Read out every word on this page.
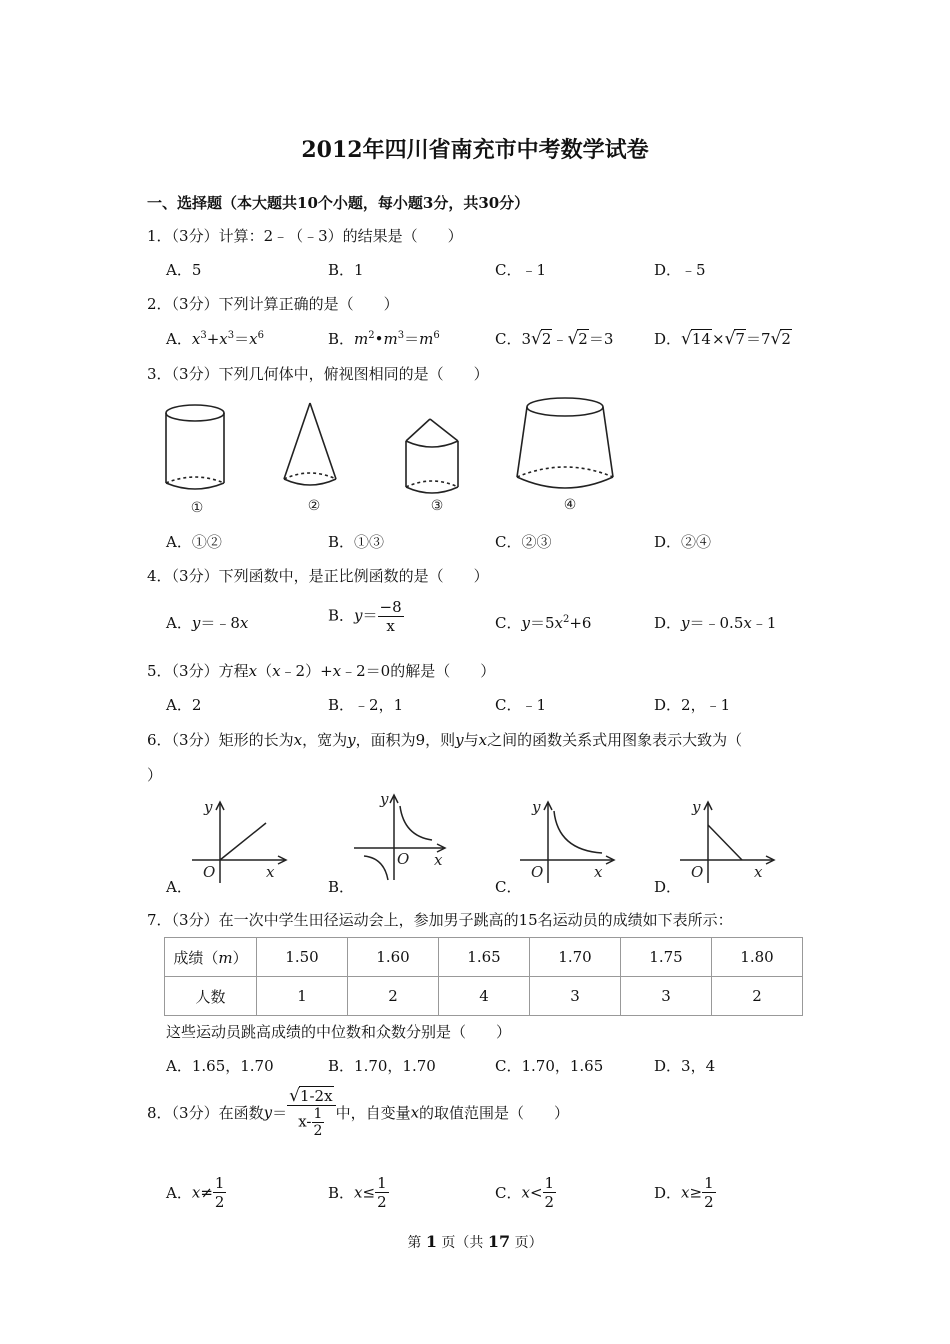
2012年四川省南充市中考数学试卷
一、选择题（本大题共10个小题，每小题3分，共30分）
1．（3分）计算：2﹣（﹣3）的结果是（　　）
A．5	B．1	C．﹣1	D．﹣5
2．（3分）下列计算正确的是（　　）
A．$x^3+x^3=x^6$	B．$m^2•m^3=m^6$	C．3√2﹣√2＝3	D．√14×√7＝7√2
3．（3分）下列几何体中，俯视图相同的是（　　）
①	②	③	④
A．①②	B．①③	C．②③	D．②④
4．（3分）下列函数中，是正比例函数的是（　　）
A．y＝﹣8x	B．$y= \frac{-8}{x}$	C．$y=5x^2+6$	D．y＝﹣0.5x﹣1
5．（3分）方程x（x﹣2）+x﹣2＝0的解是（　　）
A．2	B．﹣2，1	C．﹣1	D．2，﹣1
6．（3分）矩形的长为x，宽为y，面积为9，则y与x之间的函数关系式用图象表示大致为（
）
y
x
O
A．
y
x
O
B．
y
x
O
C．
y
x
O
D．
7．（3分）在一次中学生田径运动会上，参加男子跳高的15名运动员的成绩如下表所示：
成绩（m）	1.50	1.60	1.65	1.70	1.75	1.80
人数	1	2	4	3	3	2
这些运动员跳高成绩的中位数和众数分别是（　　）
A．1.65，1.70	B．1.70，1.70	C．1.70，1.65	D．3，4
8．（3分）在函数$y= \frac{√1-2x}{x- \frac{1}{2}}$ 中，自变量x的取值范围是（　　）
A．$x\ne \frac{1}{2}$	B．$x\le \frac{1}{2}$	C．$x< \frac{1}{2}$	D．$x\ge \frac{1}{2}$
第 1 页（共 17 页）
